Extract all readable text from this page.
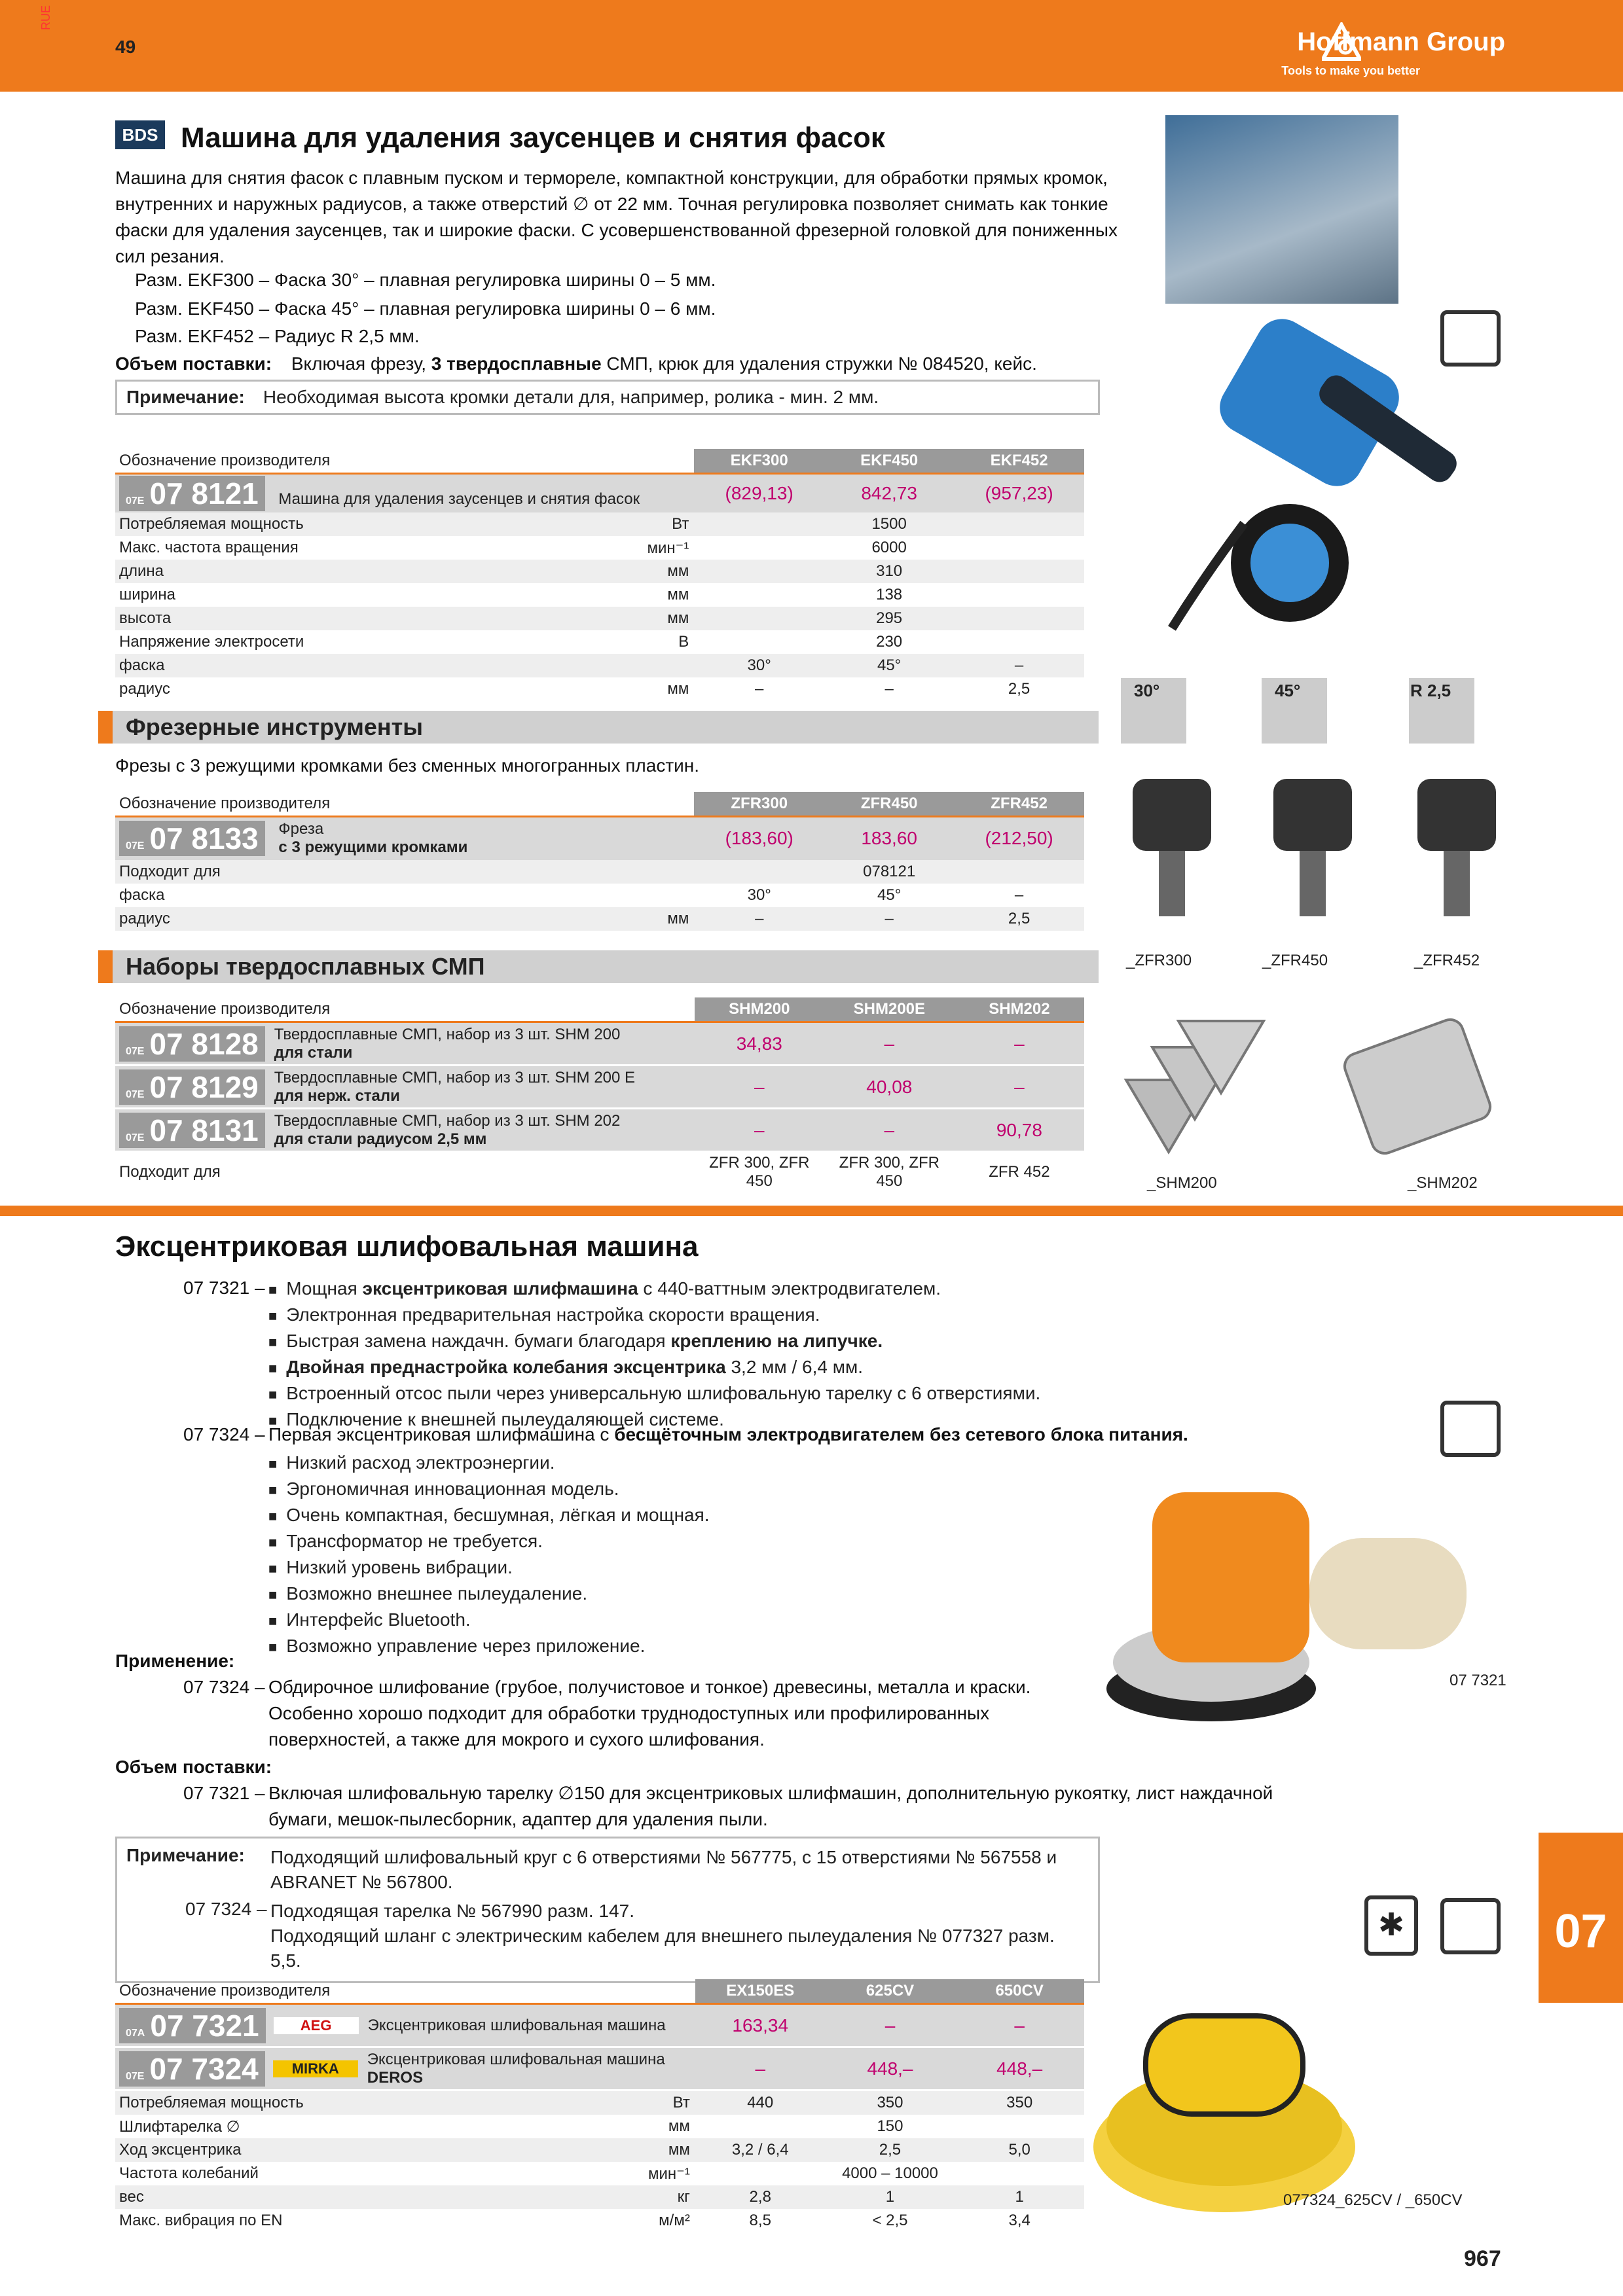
RUE
49	Hoffmann Group
Tools to make you better
BDS Машина для удаления заусенцев и снятия фасок
Машина для снятия фасок с плавным пуском и термореле, компактной конструкции, для обработки прямых кромок, внутренних и наружных радиусов, а также отверстий ∅ от 22 мм. Точная регулировка позволяет снимать как тонкие фаски для удаления заусенцев, так и широкие фаски. С усовершенствованной фрезерной головкой для пониженных сил резания.
Разм. EKF300 – Фаска 30° – плавная регулировка ширины 0 – 5 мм.
Разм. EKF450 – Фаска 45° – плавная регулировка ширины 0 – 6 мм.
Разм. EKF452 – Радиус R 2,5 мм.
Объем поставки: Включая фрезу, 3 твердосплавные СМП, крюк для удаления стружки № 084520, кейс.
Примечание: Необходимая высота кромки детали для, например, ролика - мин. 2 мм.
Обозначение производителя	EKF300	EKF450	EKF452
07E 07 8121 Машина для удаления заусенцев и снятия фасок	(829,13)	842,73	(957,23)
Потребляемая мощность Вт		1500	
Макс. частота вращения мин⁻¹		6000	
длина мм		310	
ширина мм		138	
высота мм		295	
Напряжение электросети В		230	
фаска	30°	45°	–
радиус мм	–	–	2,5
Фрезерные инструменты
Фрезы с 3 режущими кромками без сменных многогранных пластин.
Обозначение производителя	ZFR300	ZFR450	ZFR452
07E 07 8133 Фреза
с 3 режущими кромками	(183,60)	183,60	(212,50)
Подходит для		078121	
фаска	30°	45°	–
радиус мм	–	–	2,5
30°	45°	R 2,5
_ZFR300	_ZFR450	_ZFR452
Наборы твердосплавных СМП
Обозначение производителя	SHM200	SHM200E	SHM202
07E 07 8128 Твердосплавные СМП, набор из 3 шт. SHM 200
для стали	34,83	–	–
07E 07 8129 Твердосплавные СМП, набор из 3 шт. SHM 200 E
для нерж. стали	–	40,08	–
07E 07 8131 Твердосплавные СМП, набор из 3 шт. SHM 202
для стали радиусом 2,5 мм	–	–	90,78
Подходит для	ZFR 300, ZFR 450	ZFR 300, ZFR 450	ZFR 452
_SHM200	_SHM202
Эксцентриковая шлифовальная машина
07 7321 –	■ Мощная эксцентриковая шлифмашина с 440-ваттным электродвигателем.
■ Электронная предварительная настройка скорости вращения.
■ Быстрая замена наждачн. бумаги благодаря креплению на липучке.
■ Двойная преднастройка колебания эксцентрика 3,2 мм / 6,4 мм.
■ Встроенный отсос пыли через универсальную шлифовальную тарелку с 6 отверстиями.
■ Подключение к внешней пылеудаляющей системе.
07 7324 – Первая эксцентриковая шлифмашина с бесщёточным электродвигателем без сетевого блока питания.
■ Низкий расход электроэнергии.
■ Эргономичная инновационная модель.
■ Очень компактная, бесшумная, лёгкая и мощная.
■ Трансформатор не требуется.
■ Низкий уровень вибрации.
■ Возможно внешнее пылеудаление.
■ Интерфейс Bluetooth.
■ Возможно управление через приложение.
Применение:
07 7324 – Обдирочное шлифование (грубое, получистовое и тонкое) древесины, металла и краски.
Особенно хорошо подходит для обработки труднодоступных или профилированных
поверхностей, а также для мокрого и сухого шлифования.
Объем поставки:
07 7321 – Включая шлифовальную тарелку ∅150 для эксцентриковых шлифмашин, дополнительную рукоятку, лист наждачной
бумаги, мешок-пылесборник, адаптер для удаления пыли.
Примечание: Подходящий шлифовальный круг с 6 отверстиями № 567775, с 15 отверстиями № 567558 и
ABRANET № 567800.
07 7324 – Подходящая тарелка № 567990 разм. 147.
Подходящий шланг с электрическим кабелем для внешнего пылеудаления № 077327 разм.
5,5.
✱
07 7321
077324_625CV / _650CV
Обозначение производителя	EX150ES	625CV	650CV
07A 07 7321 AEG Эксцентриковая шлифовальная машина	163,34	–	–
07E 07 7324 MIRKAЭксцентриковая шлифовальная машина
DEROS	–	448,–	448,–
Потребляемая мощность Вт	440	350	350
Шлифтарелка ∅ мм		150	
Ход эксцентрика мм	3,2 / 6,4	2,5	5,0
Частота колебаний мин⁻¹		4000 – 10000	
вес кг	2,8	1	1
Макс. вибрация по EN м/м²	8,5	< 2,5	3,4
07
967
